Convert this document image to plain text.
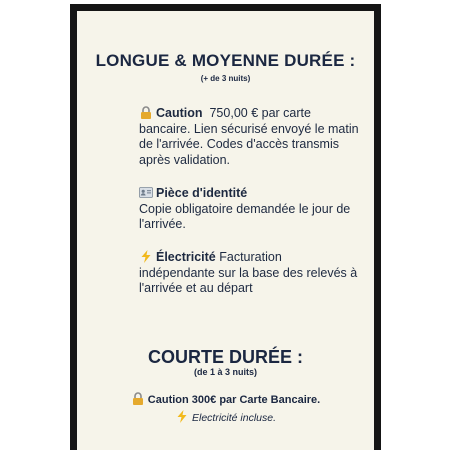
LONGUE & MOYENNE DURÉE :
(+ de 3 nuits)
Caution 750,00 € par carte bancaire. Lien sécurisé envoyé le matin de l'arrivée. Codes d'accès transmis après validation.
Pièce d'identité
Copie obligatoire demandée le jour de l'arrivée.
Électricité Facturation indépendante sur la base des relevés à l'arrivée et au départ
COURTE DURÉE :
(de 1 à 3 nuits)
Caution 300€ par Carte Bancaire.
Electricité incluse.
